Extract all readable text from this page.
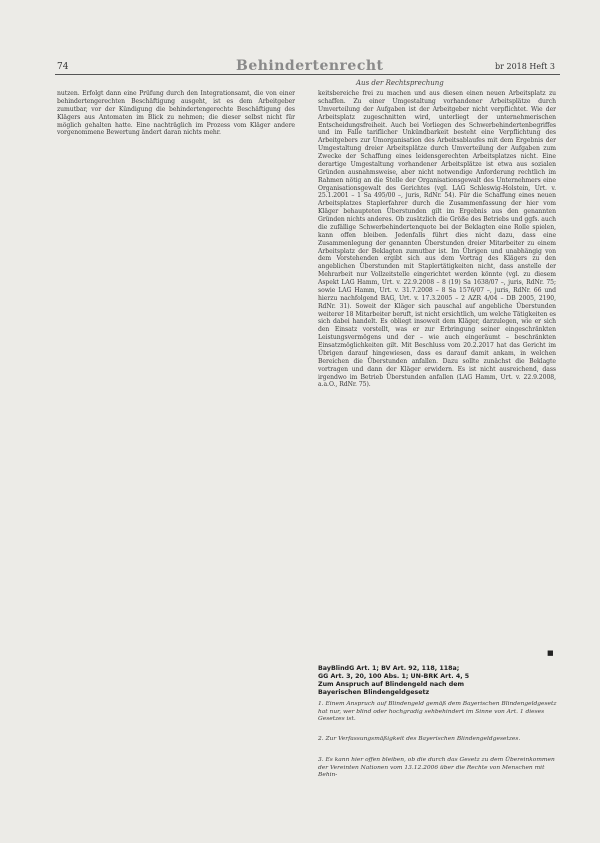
74	Behindertenrecht	br 2018 Heft 3
Aus der Rechtsprechung

nutzen. Erfolgt dann eine Prüfung durch den Integrationsamt, die von einer behindertengerechten Beschäftigung ausgeht, ist es dem Arbeitgeber zumutbar, vor der Kündigung die behindertengerechte Beschäftigung des Klägers aus Antomaten im Blick zu nehmen; die dieser selbst nicht für möglich gehalten hatte. Eine nachträglich im Prozess vom Kläger andere vorgenommene Bewertung ändert daran nichts mehr.

keitsbereiche frei zu machen und aus diesen einen neuen Arbeitsplatz zu schaffen. Zu einer Umgestaltung vorhandener Arbeitsplätze durch Umverteilung der Aufgaben ist der Arbeitgeber nicht verpflichtet. Wie der Arbeitsplatz zugeschnitten wird, unterliegt der unternehmerischen Entscheidungsfreiheit. Auch bei Vorliegen des Schwerbehindertenbegriffes und im Falle tariflicher Unkündbarkeit besteht eine Verpflichtung des Arbeitgebers zur Umorganisation des Arbeitsablaufes mit dem Ergebnis der Umgestaltung dreier Arbeitsplätze durch Umverteilung der Aufgaben zum Zwecke der Schaffung eines leidensgerechten Arbeitsplatzes nicht. Eine derartige Umgestaltung vorhandener Arbeitsplätze ist etwa aus sozialen Gründen ausnahmsweise, aber nicht notwendige Anforderung rechtlich im Rahmen nötig an die Stelle der Organisationsgewalt des Unternehmers eine Organisationsgewalt des Gerichtes (vgl. LAG Schleswig-Holstein, Urt. v. 25.1.2001 – 1 Sa 495/00 –, juris, RdNr. 54). Für die Schaffung eines neuen Arbeitsplatzes Staplerfahrer durch die Zusammenfassung der hier vom Kläger behaupteten Überstunden gilt im Ergebnis aus den genannten Gründen nichts anderes. Ob zusätzlich die Größe des Betriebs und ggfs. auch die zufällige Schwerbehindertenquote bei der Beklagten eine Rolle spielen, kann offen bleiben. Jedenfalls führt dies nicht dazu, dass eine Zusammenlegung der genannten Überstunden dreier Mitarbeiter zu einem Arbeitsplatz der Beklagten zumutbar ist. Im Übrigen und unabhängig von dem Vorstehenden ergibt sich aus dem Vortrag des Klägers zu den angeblichen Überstunden mit Staplertätigkeiten nicht, dass anstelle der Mehrarbeit nur Vollzeitstelle eingerichtet werden könnte (vgl. zu diesem Aspekt LAG Hamm, Urt. v. 22.9.2008 – 8 (19) Sa 1638/07 –, juris, RdNr. 75; sowie LAG Hamm, Urt. v. 31.7.2008 – 8 Sa 1576/07 –, juris, RdNr. 66 und hierzu nachfolgend BAG, Urt. v. 17.3.2005 – 2 AZR 4/04 – DB 2005, 2190, RdNr. 31). Soweit der Kläger sich pauschal auf angebliche Überstunden weiterer 18 Mitarbeiter beruft, ist nicht ersichtlich, um welche Tätigkeiten es sich dabei handelt. Es obliegt insoweit dem Kläger, darzulegen, wie er sich den Einsatz vorstellt, was er zur Erbringung seiner eingeschränkten Leistungsvermögens und der – wie auch eingeräumt – beschränkten Einsatzmöglichkeiten gilt. Mit Beschluss vom 20.2.2017 hat das Gericht im Übrigen darauf hingewiesen, dass es darauf damit ankam, in welchen Bereichen die Überstunden anfallen. Dazu sollte zunächst die Beklagte vortragen und dann der Kläger erwidern. Es ist nicht ausreichend, dass irgendwo im Betrieb Überstunden anfallen (LAG Hamm, Urt. v. 22.9.2008, a.a.O., RdNr. 75).

■
BayBlindG Art. 1; BV Art. 92, 118, 118a;
GG Art. 3, 20, 100 Abs. 1; UN-BRK Art. 4, 5
Zum Anspruch auf Blindengeld nach dem
Bayerischen Blindengeldgesetz
1. Einem Anspruch auf Blindengeld gemäß dem Bayerischen Blindengeldgesetz hat nur, wer blind oder hochgradig sehbehindert im Sinne von Art. 1 dieses Gesetzes ist.
2. Zur Verfassungsmäßigkeit des Bayerischen Blindengeldgesetzes.
3. Es kann hier offen bleiben, ob die durch das Gesetz zu dem Übereinkommen der Vereinten Nationen vom 13.12.2006 über die Rechte von Menschen mit Behin-
